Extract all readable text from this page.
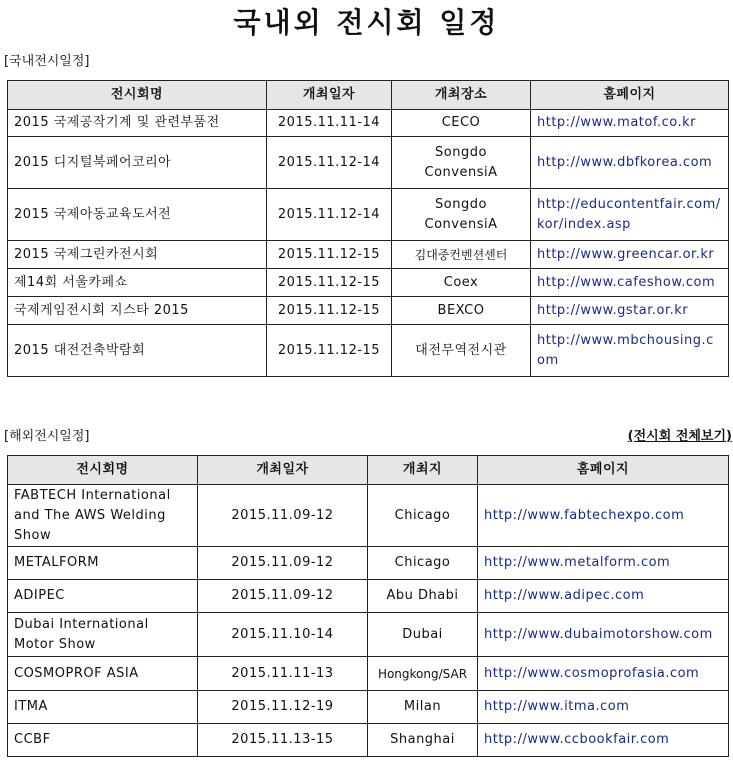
국내외 전시회 일정
[국내전시일정]
전시회명	개최일자	개최장소	홈페이지
2015 국제공작기계 및 관련부품전	2015.11.11-14	CECO	http://www.matof.co.kr
2015 디지털북페어코리아	2015.11.12-14	Songdo ConvensiA	http://www.dbfkorea.com
2015 국제아동교육도서전	2015.11.12-14	Songdo ConvensiA	http://educontentfair.com/kor/index.asp
2015 국제그린카전시회	2015.11.12-15	김대중컨벤션센터	http://www.greencar.or.kr
제14회 서울카페쇼	2015.11.12-15	Coex	http://www.cafeshow.com
국제게임전시회 지스타 2015	2015.11.12-15	BEXCO	http://www.gstar.or.kr
2015 대전건축박람회	2015.11.12-15	대전무역전시관	http://www.mbchousing.com
[해외전시일정]	(전시회 전체보기)
전시회명	개최일자	개최지	홈페이지
FABTECH International and The AWS Welding Show	2015.11.09-12	Chicago	http://www.fabtechexpo.com
METALFORM	2015.11.09-12	Chicago	http://www.metalform.com
ADIPEC	2015.11.09-12	Abu Dhabi	http://www.adipec.com
Dubai International Motor Show	2015.11.10-14	Dubai	http://www.dubaimotorshow.com
COSMOPROF ASIA	2015.11.11-13	Hongkong/SAR	http://www.cosmoprofasia.com
ITMA	2015.11.12-19	Milan	http://www.itma.com
CCBF	2015.11.13-15	Shanghai	http://www.ccbookfair.com
